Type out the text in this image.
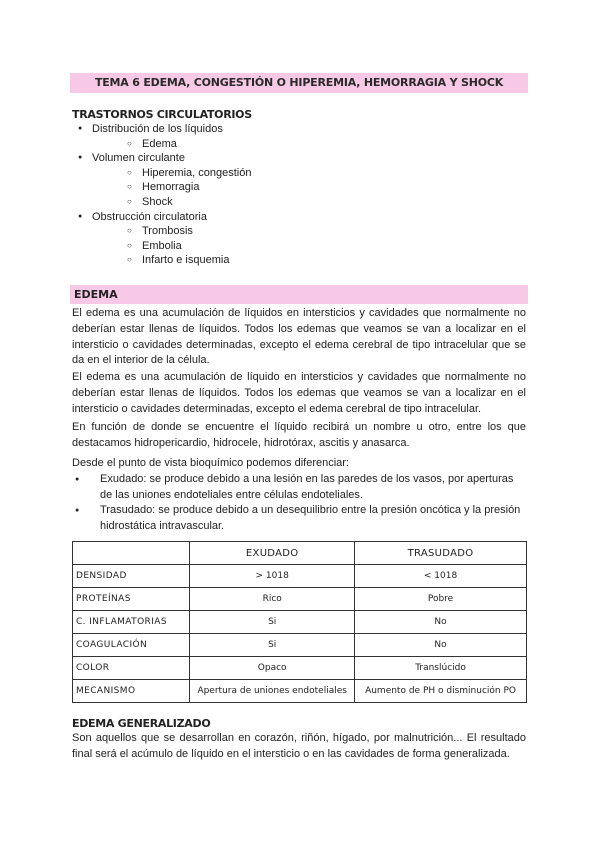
TEMA 6 EDEMA, CONGESTIÓN O HIPEREMIA, HEMORRAGIA Y SHOCK
TRASTORNOS CIRCULATORIOS
● Distribución de los líquidos
○ Edema
● Volumen circulante
○ Hiperemia, congestión
○ Hemorragia
○ Shock
● Obstrucción circulatoria
○ Trombosis
○ Embolia
○ Infarto e isquemia
EDEMA

El edema es una acumulación de líquidos en intersticios y cavidades que normalmente no deberían estar llenas de líquidos. Todos los edemas que veamos se van a localizar en el intersticio o cavidades determinadas, excepto el edema cerebral de tipo intracelular que se da en el interior de la célula.

El edema es una acumulación de líquido en intersticios y cavidades que normalmente no deberían estar llenas de líquidos. Todos los edemas que veamos se van a localizar en el intersticio o cavidades determinadas, excepto el edema cerebral de tipo intracelular.

En función de donde se encuentre el líquido recibirá un nombre u otro, entre los que destacamos hidropericardio, hidrocele, hidrotórax, ascitis y anasarca.

Desde el punto de vista bioquímico podemos diferenciar:

● Exudado: se produce debido a una lesión en las paredes de los vasos, por aperturas de las uniones endoteliales entre células endoteliales.
● Trasudado: se produce debido a un desequilibrio entre la presión oncótica y la presión hidrostática intravascular.
	EXUDADO	TRASUDADO
DENSIDAD	> 1018	< 1018
PROTEÍNAS	Rico	Pobre
C. INFLAMATORIAS	Si	No
COAGULACIÓN	Si	No
COLOR	Opaco	Translúcido
MECANISMO	Apertura de uniones endoteliales	Aumento de PH o disminución PO
EDEMA GENERALIZADO

Son aquellos que se desarrollan en corazón, riñón, hígado, por malnutrición... El resultado final será el acúmulo de líquido en el intersticio o en las cavidades de forma generalizada.
